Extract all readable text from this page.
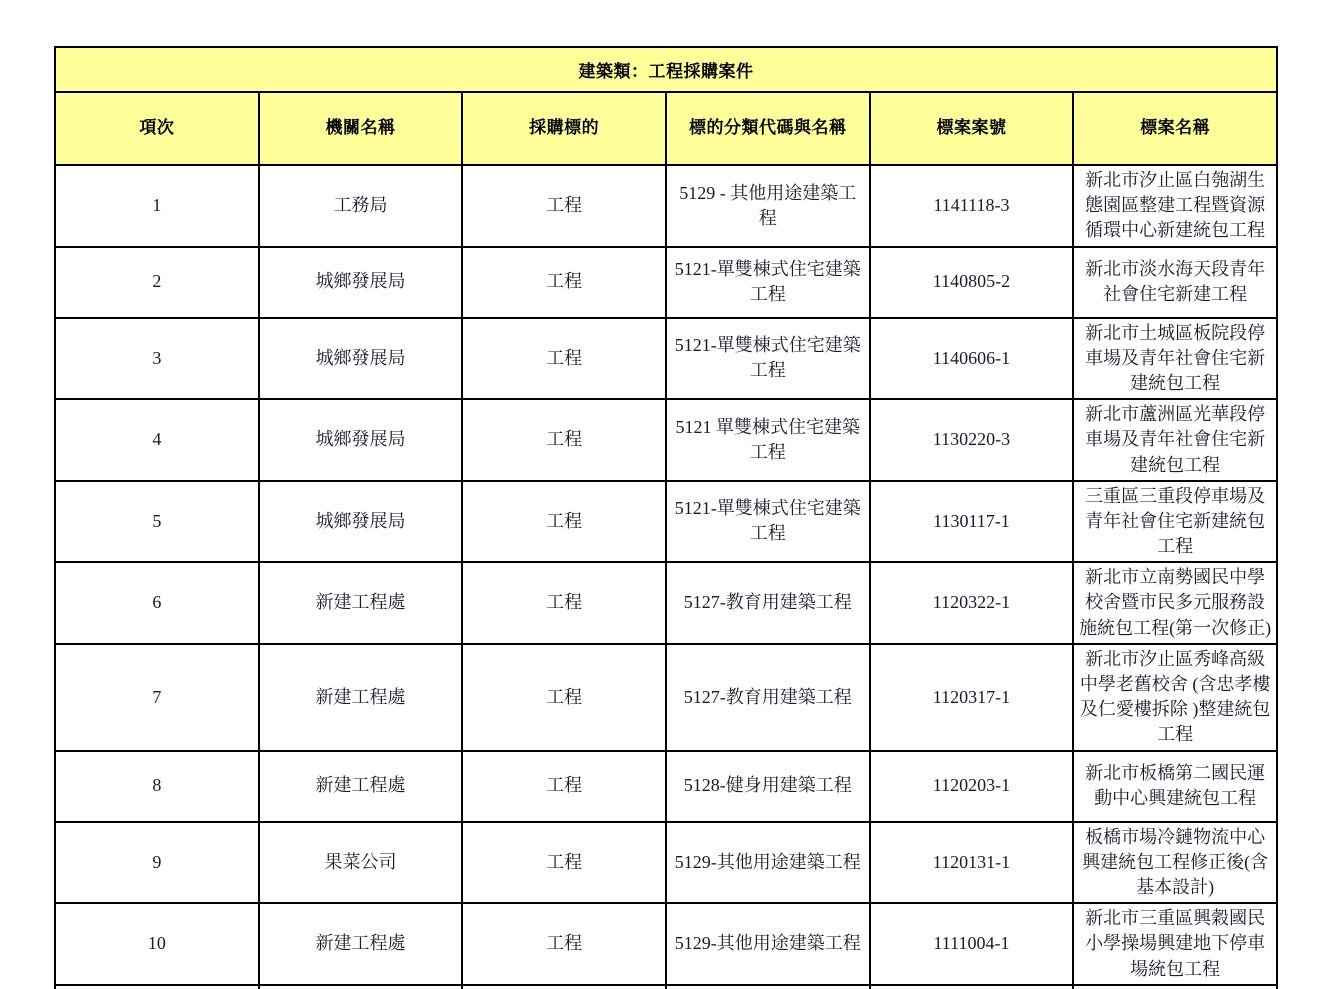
建築類：工程採購案件					
項次	機關名稱	採購標的	標的分類代碼與名稱	標案案號	標案名稱
1	工務局	工程	5129 - 其他用途建築工程	1141118-3	新北市汐止區白匏湖生態園區整建工程暨資源循環中心新建統包工程
2	城鄉發展局	工程	5121-單雙棟式住宅建築工程	1140805-2	新北市淡水海天段青年社會住宅新建工程
3	城鄉發展局	工程	5121-單雙棟式住宅建築工程	1140606-1	新北市土城區板院段停車場及青年社會住宅新建統包工程
4	城鄉發展局	工程	5121 單雙棟式住宅建築工程	1130220-3	新北市蘆洲區光華段停車場及青年社會住宅新建統包工程
5	城鄉發展局	工程	5121-單雙棟式住宅建築工程	1130117-1	三重區三重段停車場及青年社會住宅新建統包工程
6	新建工程處	工程	5127-教育用建築工程	1120322-1	新北市立南勢國民中學校舍暨市民多元服務設施統包工程(第一次修正)
7	新建工程處	工程	5127-教育用建築工程	1120317-1	新北市汐止區秀峰高級中學老舊校舍 (含忠孝樓及仁愛樓拆除 )整建統包工程
8	新建工程處	工程	5128-健身用建築工程	1120203-1	新北市板橋第二國民運動中心興建統包工程
9	果菜公司	工程	5129-其他用途建築工程	1120131-1	板橋市場冷鏈物流中心興建統包工程修正後(含基本設計)
10	新建工程處	工程	5129-其他用途建築工程	1111004-1	新北市三重區興穀國民小學操場興建地下停車場統包工程
